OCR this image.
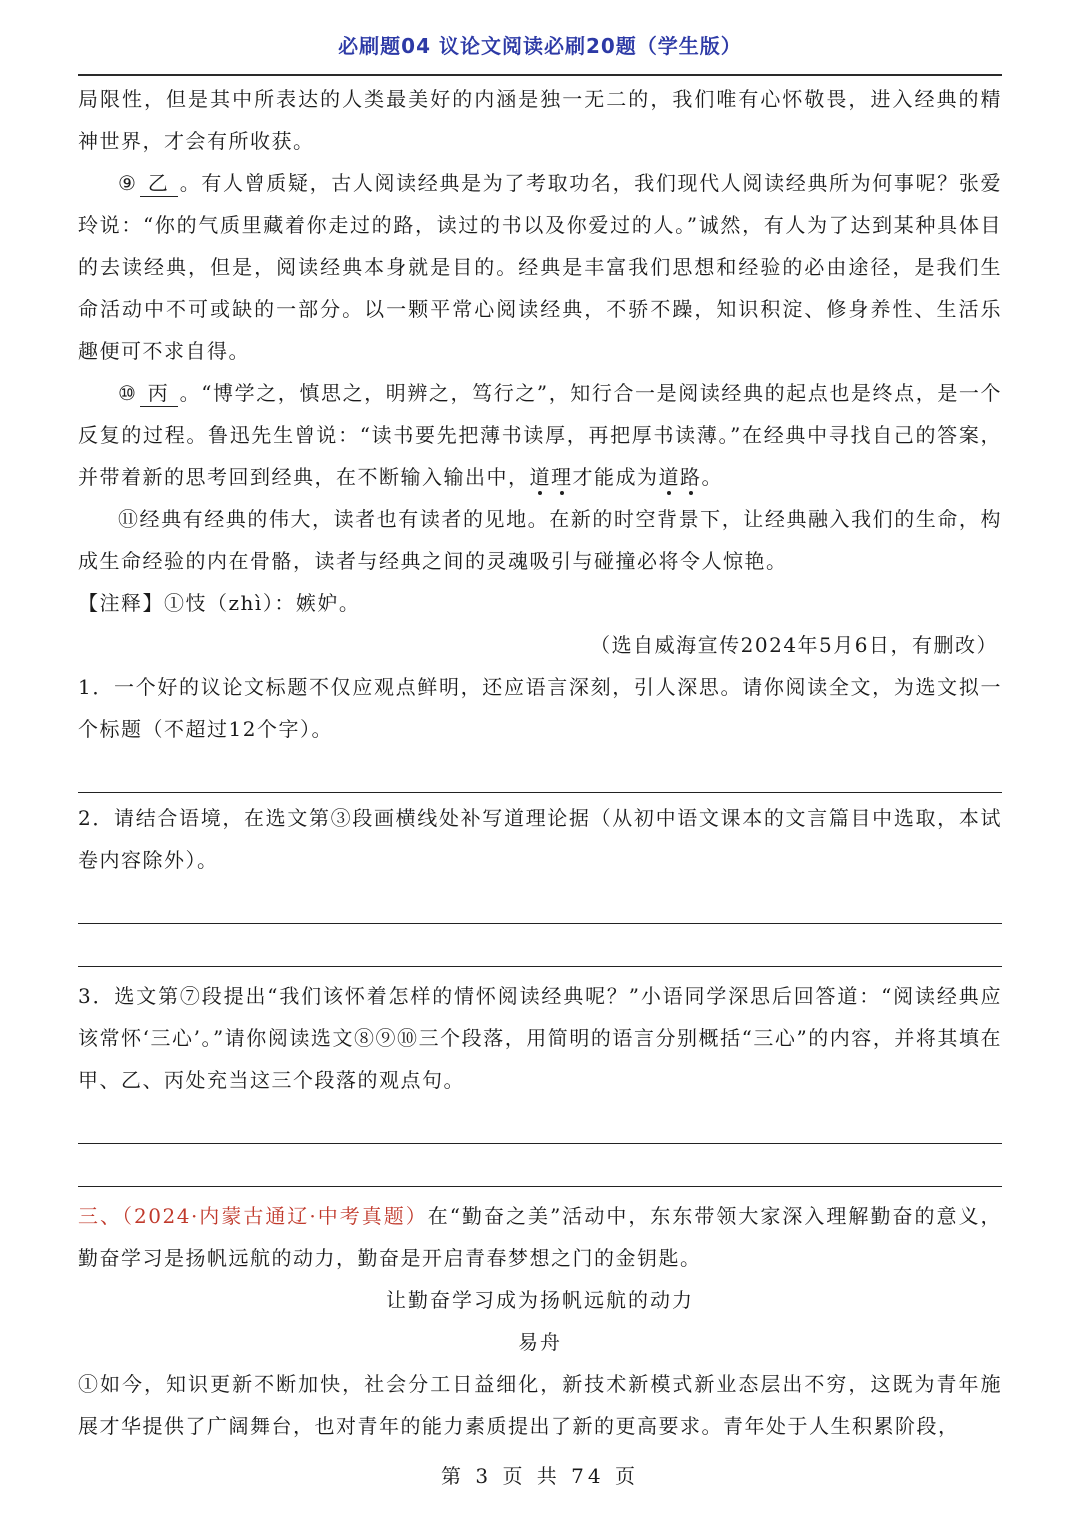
必刷题04 议论文阅读必刷20题（学生版）

局限性，但是其中所表达的人类最美好的内涵是独一无二的，我们唯有心怀敬畏，进入经典的精神世界，才会有所收获。

⑨ 乙 。有人曾质疑，古人阅读经典是为了考取功名，我们现代人阅读经典所为何事呢？张爱玲说：“你的气质里藏着你走过的路，读过的书以及你爱过的人。”诚然，有人为了达到某种具体目的去读经典，但是，阅读经典本身就是目的。经典是丰富我们思想和经验的必由途径，是我们生命活动中不可或缺的一部分。以一颗平常心阅读经典，不骄不躁，知识积淀、修身养性、生活乐趣便可不求自得。

⑩ 丙 。“博学之，慎思之，明辨之，笃行之”，知行合一是阅读经典的起点也是终点，是一个反复的过程。鲁迅先生曾说：“读书要先把薄书读厚，再把厚书读薄。”在经典中寻找自己的答案，并带着新的思考回到经典，在不断输入输出中，道理才能成为道路。

⑪经典有经典的伟大，读者也有读者的见地。在新的时空背景下，让经典融入我们的生命，构成生命经验的内在骨骼，读者与经典之间的灵魂吸引与碰撞必将令人惊艳。

【注释】①忮（zhì）：嫉妒。

（选自威海宣传2024年5月6日，有删改）

1．一个好的议论文标题不仅应观点鲜明，还应语言深刻，引人深思。请你阅读全文，为选文拟一个标题（不超过12个字）。

2．请结合语境，在选文第③段画横线处补写道理论据（从初中语文课本的文言篇目中选取，本试卷内容除外）。

3．选文第⑦段提出“我们该怀着怎样的情怀阅读经典呢？”小语同学深思后回答道：“阅读经典应该常怀‘三心’。”请你阅读选文⑧⑨⑩三个段落，用简明的语言分别概括“三心”的内容，并将其填在甲、乙、丙处充当这三个段落的观点句。

三、（2024·内蒙古通辽·中考真题）在“勤奋之美”活动中，东东带领大家深入理解勤奋的意义，勤奋学习是扬帆远航的动力，勤奋是开启青春梦想之门的金钥匙。

让勤奋学习成为扬帆远航的动力

易舟

①如今，知识更新不断加快，社会分工日益细化，新技术新模式新业态层出不穷，这既为青年施展才华提供了广阔舞台，也对青年的能力素质提出了新的更高要求。青年处于人生积累阶段，

第 3 页 共 74 页
